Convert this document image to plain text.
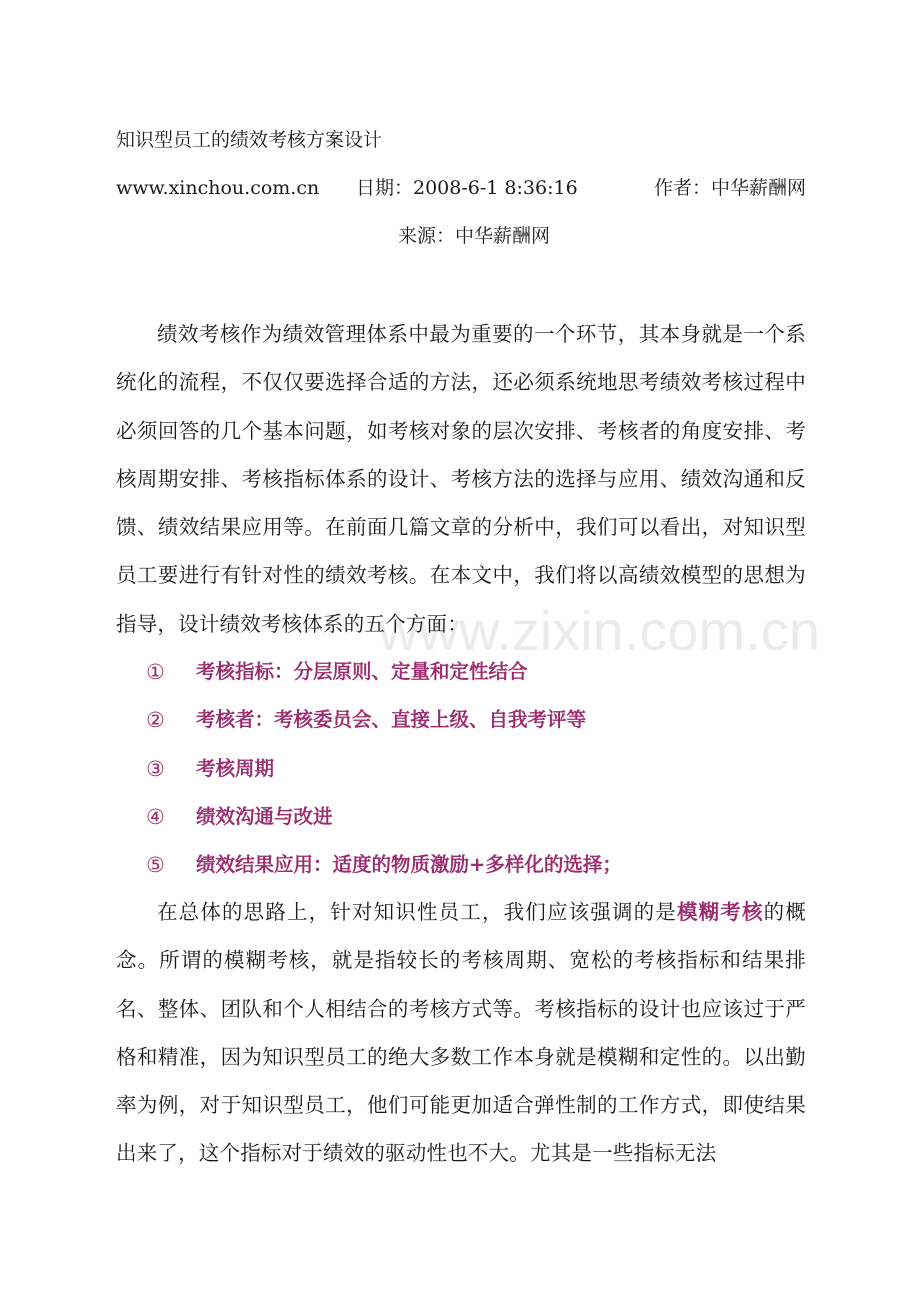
www.zixin.com.cn
知识型员工的绩效考核方案设计
www.xinchou.com.cn 日期：2008-6-1 8:36:16	作者：中华薪酬网
来源：中华薪酬网

绩效考核作为绩效管理体系中最为重要的一个环节，其本身就是一个系统化的流程，不仅仅要选择合适的方法，还必须系统地思考绩效考核过程中必须回答的几个基本问题，如考核对象的层次安排、考核者的角度安排、考核周期安排、考核指标体系的设计、考核方法的选择与应用、绩效沟通和反馈、绩效结果应用等。在前面几篇文章的分析中，我们可以看出，对知识型员工要进行有针对性的绩效考核。在本文中，我们将以高绩效模型的思想为指导，设计绩效考核体系的五个方面：

① 考核指标：分层原则、定量和定性结合
② 考核者：考核委员会、直接上级、自我考评等
③ 考核周期
④ 绩效沟通与改进
⑤ 绩效结果应用：适度的物质激励+多样化的选择；

在总体的思路上，针对知识性员工，我们应该强调的是模糊考核的概念。所谓的模糊考核，就是指较长的考核周期、宽松的考核指标和结果排名、整体、团队和个人相结合的考核方式等。考核指标的设计也应该过于严格和精准，因为知识型员工的绝大多数工作本身就是模糊和定性的。以出勤率为例，对于知识型员工，他们可能更加适合弹性制的工作方式，即使结果出来了，这个指标对于绩效的驱动性也不大。尤其是一些指标无法
